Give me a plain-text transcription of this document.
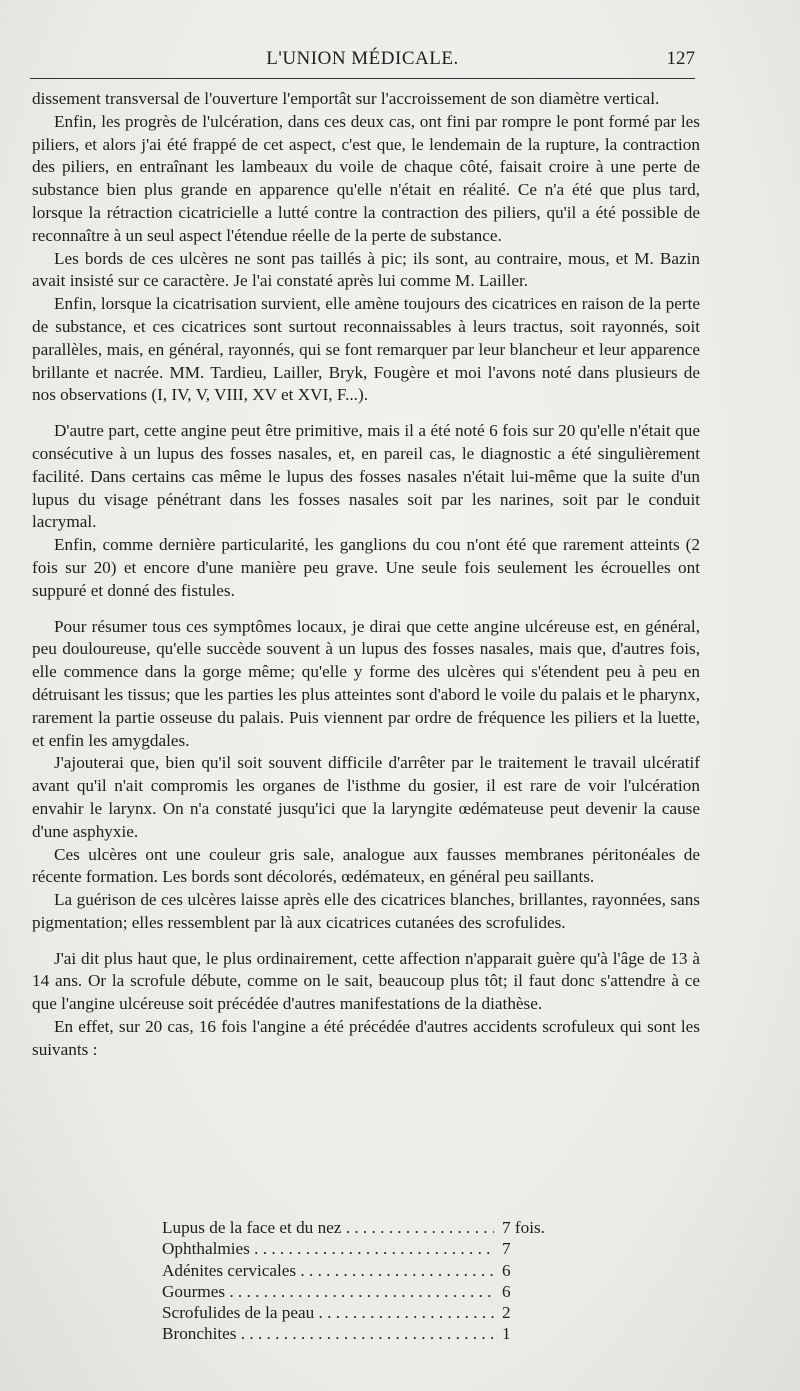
L'UNION MÉDICALE.	127

dissement transversal de l'ouverture l'emportât sur l'accroissement de son diamètre vertical.

Enfin, les progrès de l'ulcération, dans ces deux cas, ont fini par rompre le pont formé par les piliers, et alors j'ai été frappé de cet aspect, c'est que, le lendemain de la rupture, la contraction des piliers, en entraînant les lambeaux du voile de chaque côté, faisait croire à une perte de substance bien plus grande en apparence qu'elle n'était en réalité. Ce n'a été que plus tard, lorsque la rétraction cicatricielle a lutté contre la contraction des piliers, qu'il a été possible de reconnaître à un seul aspect l'étendue réelle de la perte de substance.

Les bords de ces ulcères ne sont pas taillés à pic; ils sont, au contraire, mous, et M. Bazin avait insisté sur ce caractère. Je l'ai constaté après lui comme M. Lailler.

Enfin, lorsque la cicatrisation survient, elle amène toujours des cicatrices en raison de la perte de substance, et ces cicatrices sont surtout reconnaissables à leurs tractus, soit rayonnés, soit parallèles, mais, en général, rayonnés, qui se font remarquer par leur blancheur et leur apparence brillante et nacrée. MM. Tardieu, Lailler, Bryk, Fougère et moi l'avons noté dans plusieurs de nos observations (I, IV, V, VIII, XV et XVI, F...).

D'autre part, cette angine peut être primitive, mais il a été noté 6 fois sur 20 qu'elle n'était que consécutive à un lupus des fosses nasales, et, en pareil cas, le diagnostic a été singulièrement facilité. Dans certains cas même le lupus des fosses nasales n'était lui-même que la suite d'un lupus du visage pénétrant dans les fosses nasales soit par les narines, soit par le conduit lacrymal.

Enfin, comme dernière particularité, les ganglions du cou n'ont été que rarement atteints (2 fois sur 20) et encore d'une manière peu grave. Une seule fois seulement les écrouelles ont suppuré et donné des fistules.

Pour résumer tous ces symptômes locaux, je dirai que cette angine ulcéreuse est, en général, peu douloureuse, qu'elle succède souvent à un lupus des fosses nasales, mais que, d'autres fois, elle commence dans la gorge même; qu'elle y forme des ulcères qui s'étendent peu à peu en détruisant les tissus; que les parties les plus atteintes sont d'abord le voile du palais et le pharynx, rarement la partie osseuse du palais. Puis viennent par ordre de fréquence les piliers et la luette, et enfin les amygdales.

J'ajouterai que, bien qu'il soit souvent difficile d'arrêter par le traitement le travail ulcératif avant qu'il n'ait compromis les organes de l'isthme du gosier, il est rare de voir l'ulcération envahir le larynx. On n'a constaté jusqu'ici que la laryngite œdémateuse peut devenir la cause d'une asphyxie.

Ces ulcères ont une couleur gris sale, analogue aux fausses membranes péritonéales de récente formation. Les bords sont décolorés, œdémateux, en général peu saillants.

La guérison de ces ulcères laisse après elle des cicatrices blanches, brillantes, rayonnées, sans pigmentation; elles ressemblent par là aux cicatrices cutanées des scrofulides.

J'ai dit plus haut que, le plus ordinairement, cette affection n'apparait guère qu'à l'âge de 13 à 14 ans. Or la scrofule débute, comme on le sait, beaucoup plus tôt; il faut donc s'attendre à ce que l'angine ulcéreuse soit précédée d'autres manifestations de la diathèse.

En effet, sur 20 cas, 16 fois l'angine a été précédée d'autres accidents scrofuleux qui sont les suivants :

Lupus de la face et du nez . . .	7 fois.
Ophthalmies . . .	7
Adénites cervicales . . .	6
Gourmes . . .	6
Scrofulides de la peau . . .	2
Bronchites . . .	1
